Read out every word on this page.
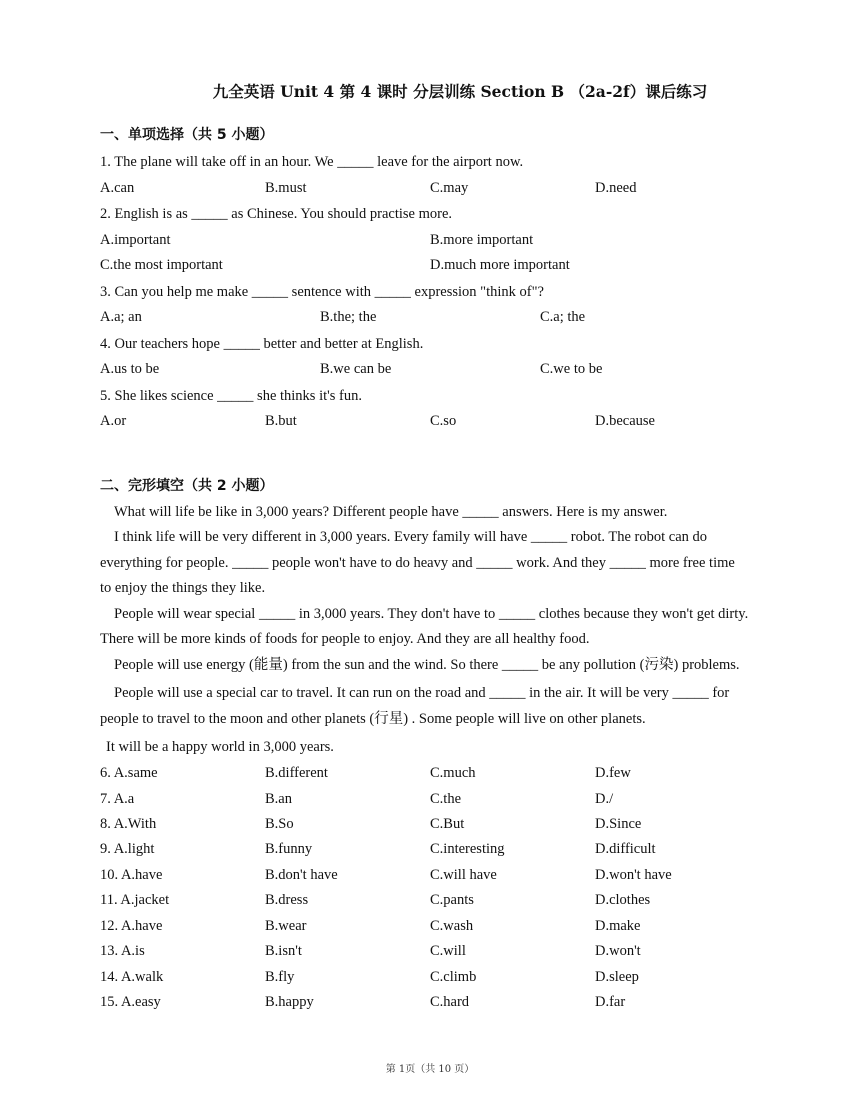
九全英语 Unit 4 第 4 课时 分层训练 Section B （2a-2f）课后练习
一、单项选择（共 5 小题）
1. The plane will take off in an hour. We _____ leave for the airport now.
A.can	B.must	C.may	D.need
2. English is as _____ as Chinese. You should practise more.
A.important	B.more important
C.the most important	D.much more important
3. Can you help me make _____ sentence with _____ expression "think of"?
A.a; an	B.the; the	C.a; the
4. Our teachers hope _____ better and better at English.
A.us to be	B.we can be	C.we to be
5. She likes science _____ she thinks it's fun.
A.or	B.but	C.so	D.because
二、完形填空（共 2 小题）
What will life be like in 3,000 years? Different people have _____ answers. Here is my answer.
I think life will be very different in 3,000 years. Every family will have _____ robot. The robot can do
everything for people. _____ people won't have to do heavy and _____ work. And they _____ more free time
to enjoy the things they like.
People will wear special _____ in 3,000 years. They don't have to _____ clothes because they won't get dirty.
There will be more kinds of foods for people to enjoy. And they are all healthy food.
People will use energy (能量) from the sun and the wind. So there _____ be any pollution (污染) problems.
People will use a special car to travel. It can run on the road and _____ in the air. It will be very _____ for
people to travel to the moon and other planets (行星) . Some people will live on other planets.
It will be a happy world in 3,000 years.
6. A.same	B.different	C.much	D.few
7. A.a	B.an	C.the	D./
8. A.With	B.So	C.But	D.Since
9. A.light	B.funny	C.interesting	D.difficult
10. A.have	B.don't have	C.will have	D.won't have
11. A.jacket	B.dress	C.pants	D.clothes
12. A.have	B.wear	C.wash	D.make
13. A.is	B.isn't	C.will	D.won't
14. A.walk	B.fly	C.climb	D.sleep
15. A.easy	B.happy	C.hard	D.far
第 1页（共 10 页）
